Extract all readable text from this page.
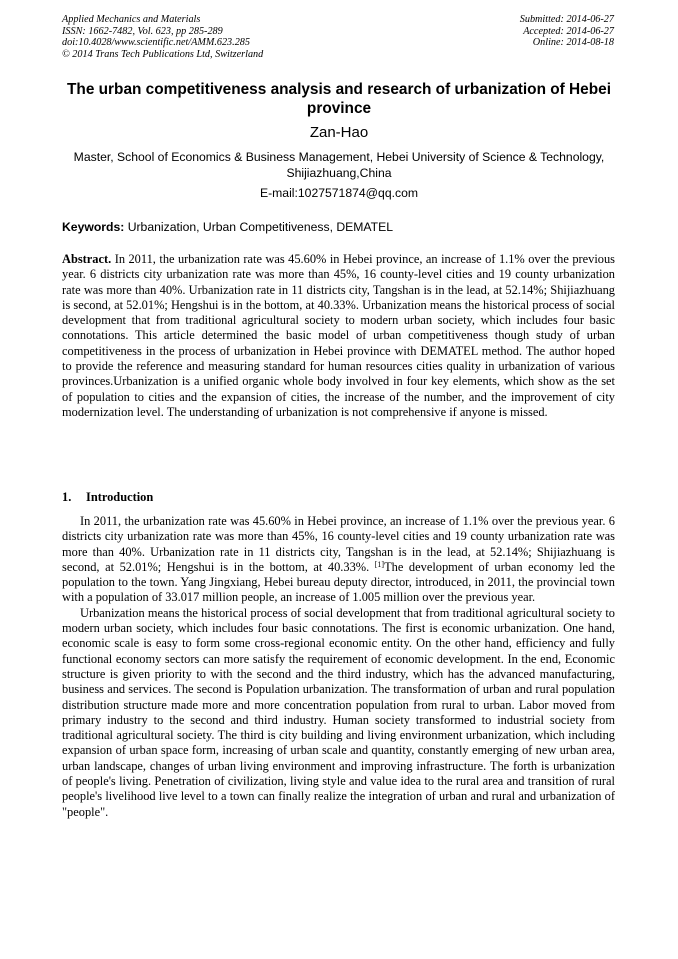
Applied Mechanics and Materials
ISSN: 1662-7482, Vol. 623, pp 285-289
doi:10.4028/www.scientific.net/AMM.623.285
© 2014 Trans Tech Publications Ltd, Switzerland
Submitted: 2014-06-27
Accepted: 2014-06-27
Online: 2014-08-18
The urban competitiveness analysis and research of urbanization of Hebei province
Zan-Hao
Master, School of Economics & Business Management, Hebei University of Science & Technology, Shijiazhuang,China
E-mail:1027571874@qq.com
Keywords: Urbanization, Urban Competitiveness, DEMATEL
Abstract. In 2011, the urbanization rate was 45.60% in Hebei province, an increase of 1.1% over the previous year. 6 districts city urbanization rate was more than 45%, 16 county-level cities and 19 county urbanization rate was more than 40%. Urbanization rate in 11 districts city, Tangshan is in the lead, at 52.14%; Shijiazhuang is second, at 52.01%; Hengshui is in the bottom, at 40.33%. Urbanization means the historical process of social development that from traditional agricultural society to modern urban society, which includes four basic connotations. This article determined the basic model of urban competitiveness though study of urban competitiveness in the process of urbanization in Hebei province with DEMATEL method. The author hoped to provide the reference and measuring standard for human resources cities quality in urbanization of various provinces.Urbanization is a unified organic whole body involved in four key elements, which show as the set of population to cities and the expansion of cities, the increase of the number, and the improvement of city modernization level. The understanding of urbanization is not comprehensive if anyone is missed.
1. Introduction

In 2011, the urbanization rate was 45.60% in Hebei province, an increase of 1.1% over the previous year. 6 districts city urbanization rate was more than 45%, 16 county-level cities and 19 county urbanization rate was more than 40%. Urbanization rate in 11 districts city, Tangshan is in the lead, at 52.14%; Shijiazhuang is second, at 52.01%; Hengshui is in the bottom, at 40.33%. [1]The development of urban economy led the population to the town. Yang Jingxiang, Hebei bureau deputy director, introduced, in 2011, the provincial town with a population of 33.017 million people, an increase of 1.005 million over the previous year.

Urbanization means the historical process of social development that from traditional agricultural society to modern urban society, which includes four basic connotations. The first is economic urbanization. One hand, economic scale is easy to form some cross-regional economic entity. On the other hand, efficiency and fully functional economy sectors can more satisfy the requirement of economic development. In the end, Economic structure is given priority to with the second and the third industry, which has the advanced manufacturing, business and services. The second is Population urbanization. The transformation of urban and rural population distribution structure made more and more concentration population from rural to urban. Labor moved from primary industry to the second and third industry. Human society transformed to industrial society from traditional agricultural society. The third is city building and living environment urbanization, which including expansion of urban space form, increasing of urban scale and quantity, constantly emerging of new urban area, urban landscape, changes of urban living environment and improving infrastructure. The forth is urbanization of people's living. Penetration of civilization, living style and value idea to the rural area and transition of rural people's livelihood live level to a town can finally realize the integration of urban and rural and urbanization of "people".
